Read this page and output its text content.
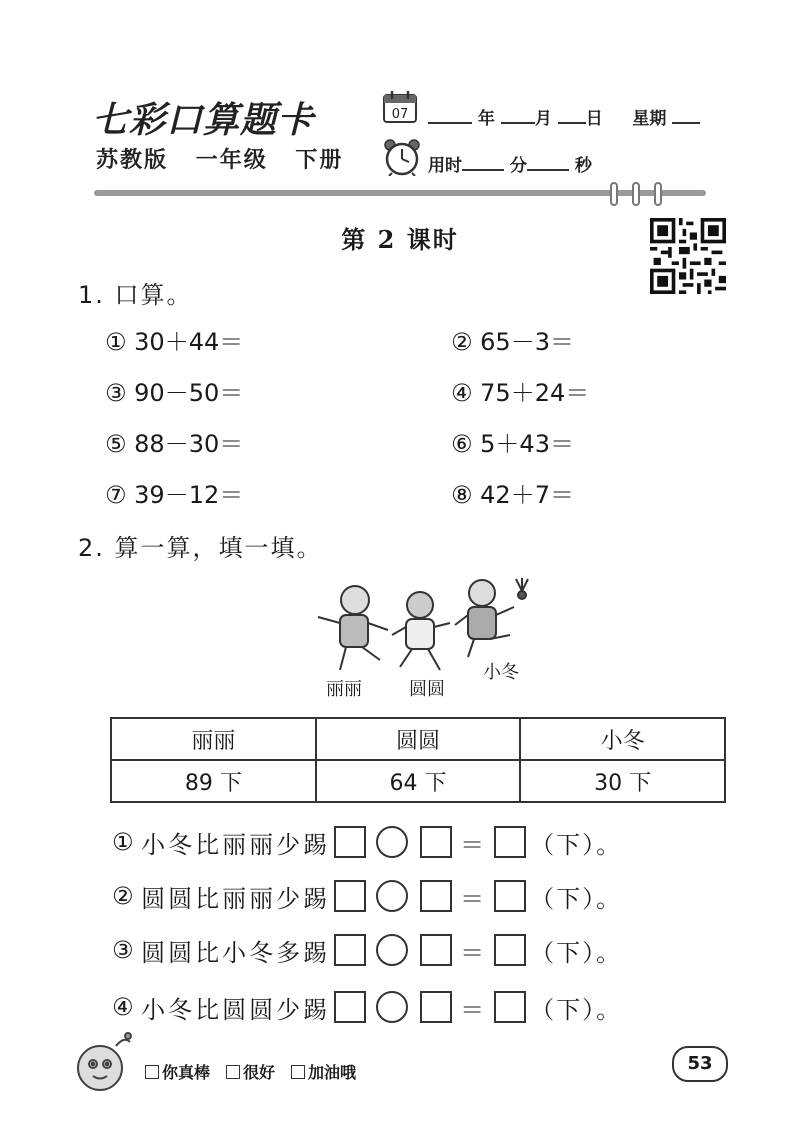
七彩口算题卡
苏教版 一年级 下册
07	年 月 日 星期
用时	分	秒
第 2 课时
1. 口算。
① 30＋44＝	② 65－3＝
③ 90－50＝	④ 75＋24＝
⑤ 88－30＝	⑥ 5＋43＝
⑦ 39－12＝	⑧ 42＋7＝
2. 算一算，填一填。
丽丽	圆圆
小冬
丽丽	圆圆	小冬
89 下	64 下	30 下
①
小冬比丽丽少踢	＝ （下）。
②
圆圆比丽丽少踢	＝ （下）。
③
圆圆比小冬多踢	＝ （下）。
④
小冬比圆圆少踢	＝ （下）。
你真棒 很好 加油哦	53
